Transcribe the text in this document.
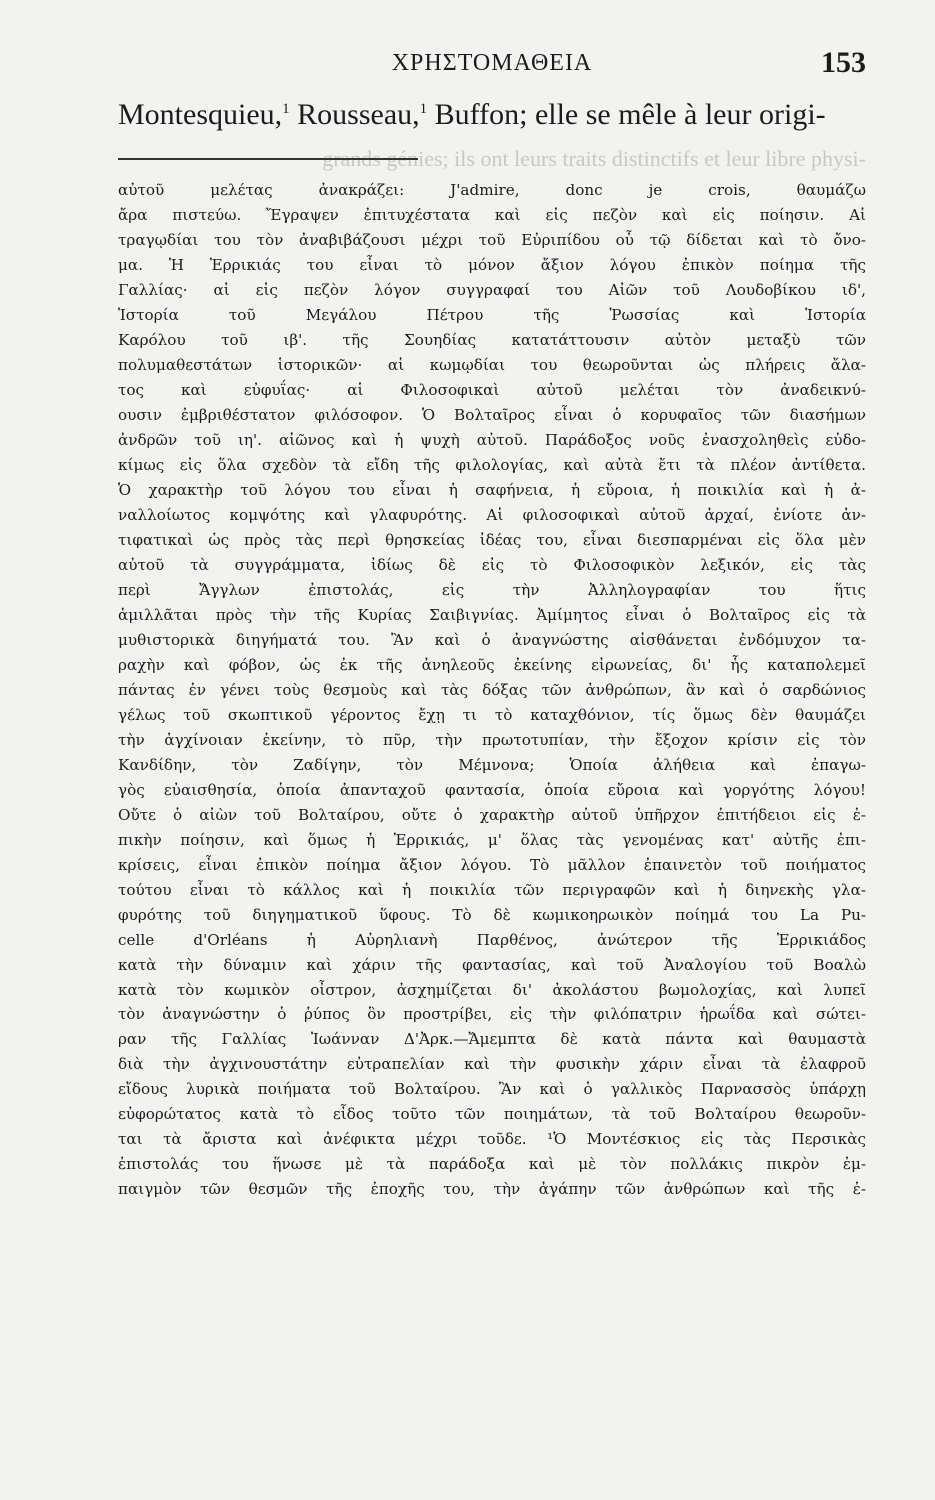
ΧΡΗΣΤΟΜΑΘΕΙΑ	153
Montesquieu,$^1$ Rousseau,$^1$ Buffon; elle se mêle à leur origi-
grands génies; ils ont leurs traits distinctifs et leur libre physi-
αὐτοῦ μελέτας ἀνακράζει: J'admire, donc je crois, θαυμάζω
ἄρα πιστεύω. Ἔγραψεν ἐπιτυχέστατα καὶ εἰς πεζὸν καὶ εἰς ποίησιν. Αἱ
τραγῳδίαι του τὸν ἀναβιβάζουσι μέχρι τοῦ Εὐριπίδου οὗ τῷ δίδεται καὶ τὸ ὄνο-
μα. Ἡ Ἑρρικιάς του εἶναι τὸ μόνον ἄξιον λόγου ἐπικὸν ποίημα τῆς
Γαλλίας· αἱ εἰς πεζὸν λόγον συγγραφαί του Αἰῶν τοῦ Λουδοβίκου ιδ',
Ἱστορία τοῦ Μεγάλου Πέτρου τῆς Ῥωσσίας καὶ Ἱστορία
Καρόλου τοῦ ιβ'. τῆς Σουηδίας κατατάττουσιν αὐτὸν μεταξὺ τῶν
πολυμαθεστάτων ἱστορικῶν· αἱ κωμῳδίαι του θεωροῦνται ὡς πλήρεις ἄλα-
τος καὶ εὐφυΐας· αἱ Φιλοσοφικαὶ αὐτοῦ μελέται τὸν ἀναδεικνύ-
ουσιν ἐμβριθέστατον φιλόσοφον. Ὁ Βολταῖρος εἶναι ὁ κορυφαῖος τῶν διασήμων
ἀνδρῶν τοῦ ιη'. αἰῶνος καὶ ἡ ψυχὴ αὐτοῦ. Παράδοξος νοῦς ἐνασχοληθεὶς εὐδο-
κίμως εἰς ὅλα σχεδὸν τὰ εἴδη τῆς φιλολογίας, καὶ αὐτὰ ἔτι τὰ πλέον ἀντίθετα.
Ὁ χαρακτὴρ τοῦ λόγου του εἶναι ἡ σαφήνεια, ἡ εὔροια, ἡ ποικιλία καὶ ἡ ἀ-
ναλλοίωτος κομψότης καὶ γλαφυρότης. Αἱ φιλοσοφικαὶ αὐτοῦ ἀρχαί, ἐνίοτε ἀν-
τιφατικαὶ ὡς πρὸς τὰς περὶ θρησκείας ἰδέας του, εἶναι διεσπαρμέναι εἰς ὅλα μὲν
αὐτοῦ τὰ συγγράμματα, ἰδίως δὲ εἰς τὸ Φιλοσοφικὸν λεξικόν, εἰς τὰς
περὶ Ἄγγλων ἐπιστολάς, εἰς τὴν Ἀλληλογραφίαν του ἥτις
ἁμιλλᾶται πρὸς τὴν τῆς Κυρίας Σαιβιγνίας. Ἀμίμητος εἶναι ὁ Βολταῖρος εἰς τὰ
μυθιστορικὰ διηγήματά του. Ἂν καὶ ὁ ἀναγνώστης αἰσθάνεται ἐνδόμυχον τα-
ραχὴν καὶ φόβον, ὡς ἐκ τῆς ἀνηλεοῦς ἐκείνης εἰρωνείας, δι' ἧς καταπολεμεῖ
πάντας ἐν γένει τοὺς θεσμοὺς καὶ τὰς δόξας τῶν ἀνθρώπων, ἂν καὶ ὁ σαρδώνιος
γέλως τοῦ σκωπτικοῦ γέροντος ἔχῃ τι τὸ καταχθόνιον, τίς ὅμως δὲν θαυμάζει
τὴν ἀγχίνοιαν ἐκείνην, τὸ πῦρ, τὴν πρωτοτυπίαν, τὴν ἔξοχον κρίσιν εἰς τὸν
Κανδίδην, τὸν Ζαδίγην, τὸν Μέμνονα; Ὁποία ἀλήθεια καὶ ἐπαγω-
γὸς εὐαισθησία, ὁποία ἀπανταχοῦ φαντασία, ὁποία εὔροια καὶ γοργότης λόγου!
Οὔτε ὁ αἰὼν τοῦ Βολταίρου, οὔτε ὁ χαρακτὴρ αὐτοῦ ὑπῆρχον ἐπιτήδειοι εἰς ἐ-
πικὴν ποίησιν, καὶ ὅμως ἡ Ἑρρικιάς, μ' ὅλας τὰς γενομένας κατ' αὐτῆς ἐπι-
κρίσεις, εἶναι ἐπικὸν ποίημα ἄξιον λόγου. Τὸ μᾶλλον ἐπαινετὸν τοῦ ποιήματος
τούτου εἶναι τὸ κάλλος καὶ ἡ ποικιλία τῶν περιγραφῶν καὶ ἡ διηνεκὴς γλα-
φυρότης τοῦ διηγηματικοῦ ὕφους. Τὸ δὲ κωμικοηρωικὸν ποίημά του La Pu-
celle d'Orléans ἡ Αὐρηλιανὴ Παρθένος, ἀνώτερον τῆς Ἑρρικιάδος
κατὰ τὴν δύναμιν καὶ χάριν τῆς φαντασίας, καὶ τοῦ Ἀναλογίου τοῦ Βοαλὼ
κατὰ τὸν κωμικὸν οἶστρον, ἀσχημίζεται δι' ἀκολάστου βωμολοχίας, καὶ λυπεῖ
τὸν ἀναγνώστην ὁ ῥύπος ὃν προστρίβει, εἰς τὴν φιλόπατριν ἡρωΐδα καὶ σώτει-
ραν τῆς Γαλλίας Ἰωάνναν Δ'Ἀρκ.—Ἄμεμπτα δὲ κατὰ πάντα καὶ θαυμαστὰ
διὰ τὴν ἀγχινουστάτην εὐτραπελίαν καὶ τὴν φυσικὴν χάριν εἶναι τὰ ἐλαφροῦ
εἴδους λυρικὰ ποιήματα τοῦ Βολταίρου. Ἂν καὶ ὁ γαλλικὸς Παρνασσὸς ὑπάρχῃ
εὐφορώτατος κατὰ τὸ εἶδος τοῦτο τῶν ποιημάτων, τὰ τοῦ Βολταίρου θεωροῦν-
ται τὰ ἄριστα καὶ ἀνέφικτα μέχρι τοῦδε. ¹Ὁ Μοντέσκιος εἰς τὰς Περσικὰς
ἐπιστολάς του ἥνωσε μὲ τὰ παράδοξα καὶ μὲ τὸν πολλάκις πικρὸν ἐμ-
παιγμὸν τῶν θεσμῶν τῆς ἐποχῆς του, τὴν ἀγάπην τῶν ἀνθρώπων καὶ τῆς ἐ-
